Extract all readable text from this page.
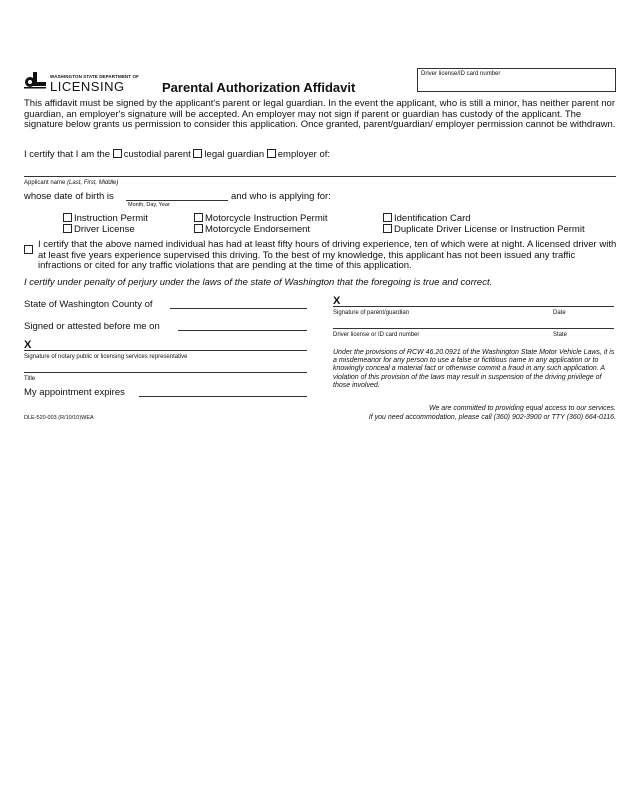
WASHINGTON STATE DEPARTMENT OF
LICENSING	Parental Authorization Affidavit
Driver license/ID card number
This affidavit must be signed by the applicant's parent or legal guardian. In the event the applicant, who is still a minor, has neither parent nor guardian, an employer's signature will be accepted. An employer may not sign if parent or guardian has custody of the applicant. The signature below grants us permission to consider this application. Once granted, parent/guardian/ employer permission cannot be withdrawn.
I certify that I am the custodial parent legal guardian employer of:
Applicant name (Last, First, Middle)
whose date of birth is
Month, Day, Year
and who is applying for:
Instruction Permit
Driver License
Motorcycle Instruction Permit
Motorcycle Endorsement
Identification Card
Duplicate Driver License or Instruction Permit
I certify that the above named individual has had at least fifty hours of driving experience, ten of which were at night. A licensed driver with at least five years experience supervised this driving. To the best of my knowledge, this applicant has not been issued any traffic infractions or cited for any traffic violations that are pending at the time of this application.
I certify under penalty of perjury under the laws of the state of Washington that the foregoing is true and correct.
State of Washington County of
Signed or attested before me on
X
Signature of notary public or licensing services representative
Title
My appointment expires
DLE-520-003 (R/10/10)WEA
X
Signature of parent/guardian	Date
Driver license or ID card number	State
Under the provisions of RCW 46.20.0921 of the Washington State Motor Vehicle Laws, it is a misdemeanor for any person to use a false or fictitious name in any application or to knowingly conceal a material fact or otherwise commit a fraud in any such application. A violation of this provision of the laws may result in suspension of the driving privilege of those involved.
We are committed to providing equal access to our services.
If you need accommodation, please call (360) 902-3900 or TTY (360) 664-0116.
